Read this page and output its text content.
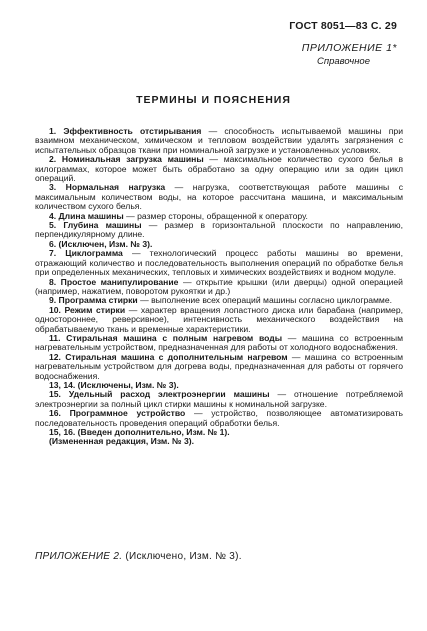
ГОСТ 8051—83 С. 29
ПРИЛОЖЕНИЕ 1*
Справочное
ТЕРМИНЫ И ПОЯСНЕНИЯ

1. Эффективность отстирывания — способность испытываемой машины при взаимном механическом, химическом и тепловом воздействии удалять загрязнения с испытательных образцов ткани при номинальной загрузке и установленных условиях.

2. Номинальная загрузка машины — максимальное количество сухого белья в килограммах, которое может быть обработано за одну операцию или за один цикл операций.

3. Нормальная нагрузка — нагрузка, соответствующая работе машины с максимальным количеством воды, на которое рассчитана машина, и максимальным количеством сухого белья.

4. Длина машины — размер стороны, обращенной к оператору.

5. Глубина машины — размер в горизонтальной плоскости по направлению, перпендикулярному длине.

6. (Исключен, Изм. № 3).

7. Циклограмма — технологический процесс работы машины во времени, отражающий количество и последовательность выполнения операций по обработке белья при определенных механических, тепловых и химических воздействиях и водном модуле.

8. Простое манипулирование — открытие крышки (или дверцы) одной операцией (например, нажатием, поворотом рукоятки и др.)

9. Программа стирки — выполнение всех операций машины согласно циклограмме.

10. Режим стирки — характер вращения лопастного диска или барабана (например, одностороннее, реверсивное), интенсивность механического воздействия на обрабатываемую ткань и временные характеристики.

11. Стиральная машина с полным нагревом воды — машина со встроенным нагревательным устройством, предназначенная для работы от холодного водоснабжения.

12. Стиральная машина с дополнительным нагревом — машина со встроенным нагревательным устройством для догрева воды, предназначенная для работы от горячего водоснабжения.

13, 14. (Исключены, Изм. № 3).

15. Удельный расход электроэнергии машины — отношение потребляемой электроэнергии за полный цикл стирки машины к номинальной загрузке.

16. Программное устройство — устройство, позволяющее автоматизировать последовательность проведения операций обработки белья.

15, 16. (Введен дополнительно, Изм. № 1).

(Измененная редакция, Изм. № 3).

ПРИЛОЖЕНИЕ 2. (Исключено, Изм. № 3).
